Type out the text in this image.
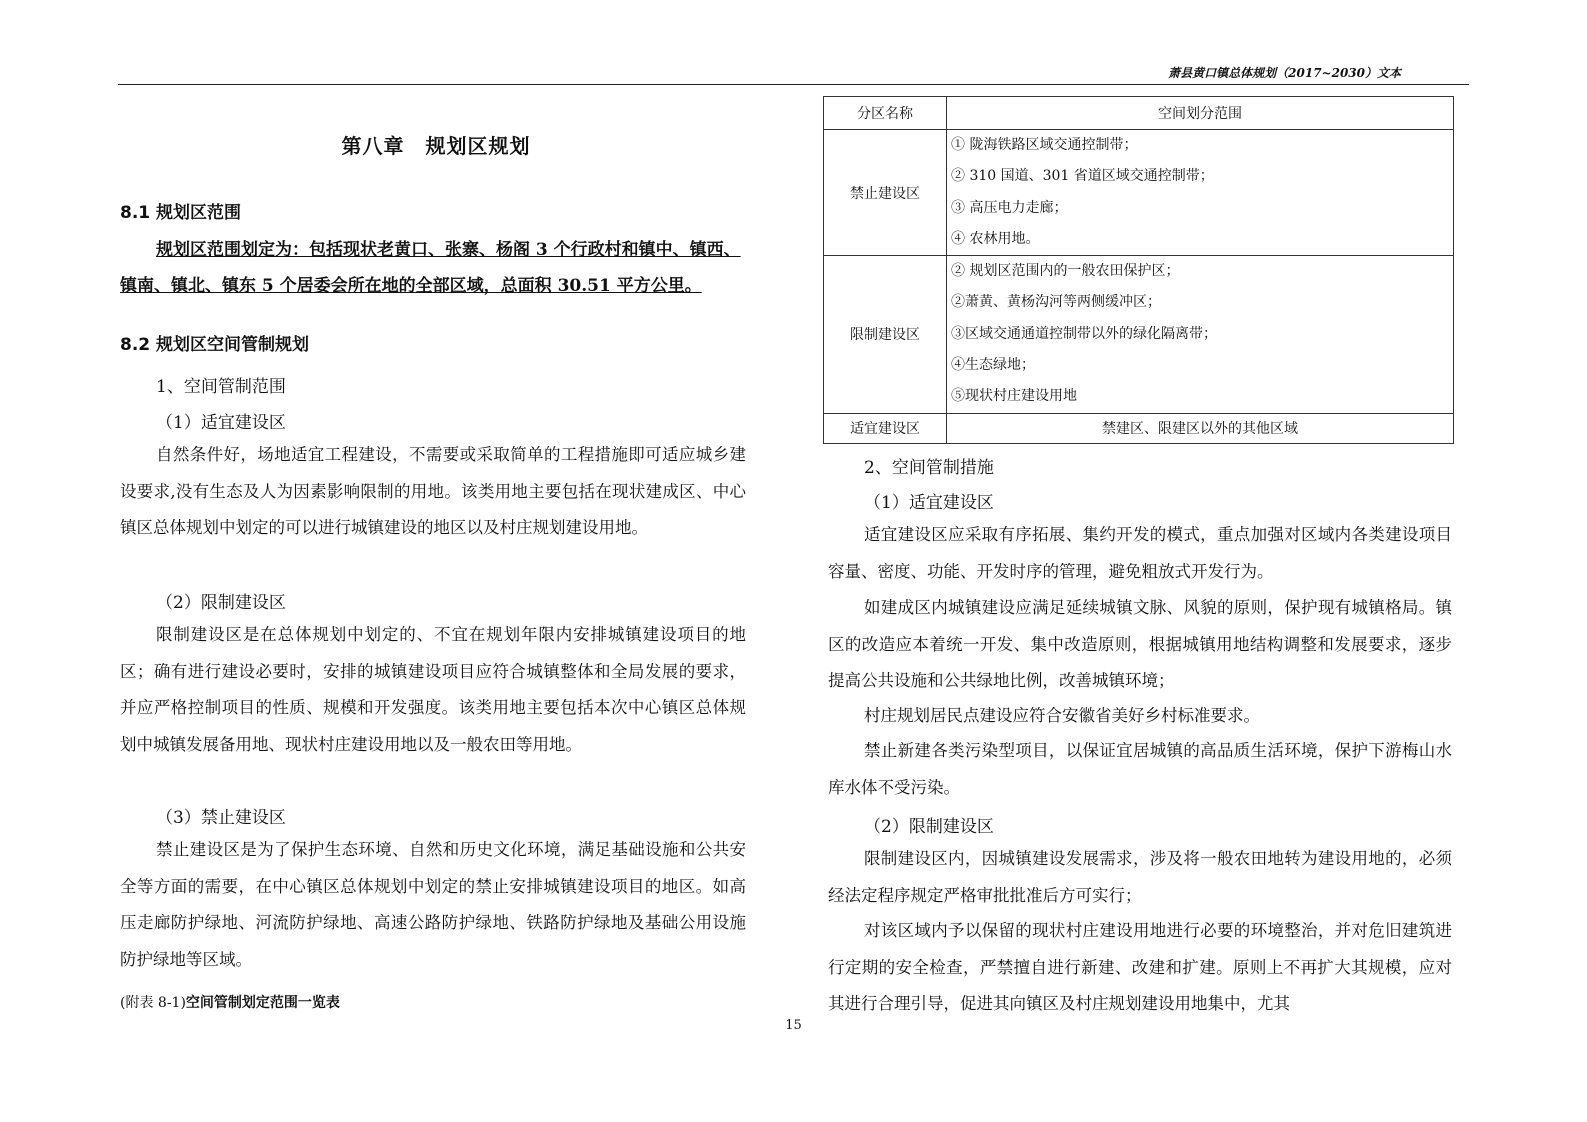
萧县黄口镇总体规划（2017~2030）文本
第八章　规划区规划
8.1 规划区范围
规划区范围划定为：包括现状老黄口、张寨、杨阁 3 个行政村和镇中、镇西、镇南、镇北、镇东 5 个居委会所在地的全部区域，总面积 30.51 平方公里。
8.2 规划区空间管制规划
1、空间管制范围
（1）适宜建设区
自然条件好，场地适宜工程建设，不需要或采取简单的工程措施即可适应城乡建设要求,没有生态及人为因素影响限制的用地。该类用地主要包括在现状建成区、中心镇区总体规划中划定的可以进行城镇建设的地区以及村庄规划建设用地。
（2）限制建设区
限制建设区是在总体规划中划定的、不宜在规划年限内安排城镇建设项目的地区；确有进行建设必要时，安排的城镇建设项目应符合城镇整体和全局发展的要求，并应严格控制项目的性质、规模和开发强度。该类用地主要包括本次中心镇区总体规划中城镇发展备用地、现状村庄建设用地以及一般农田等用地。
（3）禁止建设区
禁止建设区是为了保护生态环境、自然和历史文化环境，满足基础设施和公共安全等方面的需要，在中心镇区总体规划中划定的禁止安排城镇建设项目的地区。如高压走廊防护绿地、河流防护绿地、高速公路防护绿地、铁路防护绿地及基础公用设施防护绿地等区域。
(附表 8-1)空间管制划定范围一览表
分区名称	空间划分范围
禁止建设区	① 陇海铁路区域交通控制带；
② 310 国道、301 省道区域交通控制带；
③ 高压电力走廊；
④ 农林用地。

限制建设区	② 规划区范围内的一般农田保护区；
②萧黄、黄杨沟河等两侧缓冲区；
③区域交通通道控制带以外的绿化隔离带；
④生态绿地；
⑤现状村庄建设用地

适宜建设区	禁建区、限建区以外的其他区域
2、空间管制措施
（1）适宜建设区
适宜建设区应采取有序拓展、集约开发的模式，重点加强对区域内各类建设项目容量、密度、功能、开发时序的管理，避免粗放式开发行为。
如建成区内城镇建设应满足延续城镇文脉、风貌的原则，保护现有城镇格局。镇区的改造应本着统一开发、集中改造原则，根据城镇用地结构调整和发展要求，逐步提高公共设施和公共绿地比例，改善城镇环境；
村庄规划居民点建设应符合安徽省美好乡村标准要求。
禁止新建各类污染型项目，以保证宜居城镇的高品质生活环境，保护下游梅山水库水体不受污染。
（2）限制建设区
限制建设区内，因城镇建设发展需求，涉及将一般农田地转为建设用地的，必须经法定程序规定严格审批批准后方可实行；
对该区域内予以保留的现状村庄建设用地进行必要的环境整治，并对危旧建筑进行定期的安全检查，严禁擅自进行新建、改建和扩建。原则上不再扩大其规模，应对其进行合理引导，促进其向镇区及村庄规划建设用地集中，尤其
15
